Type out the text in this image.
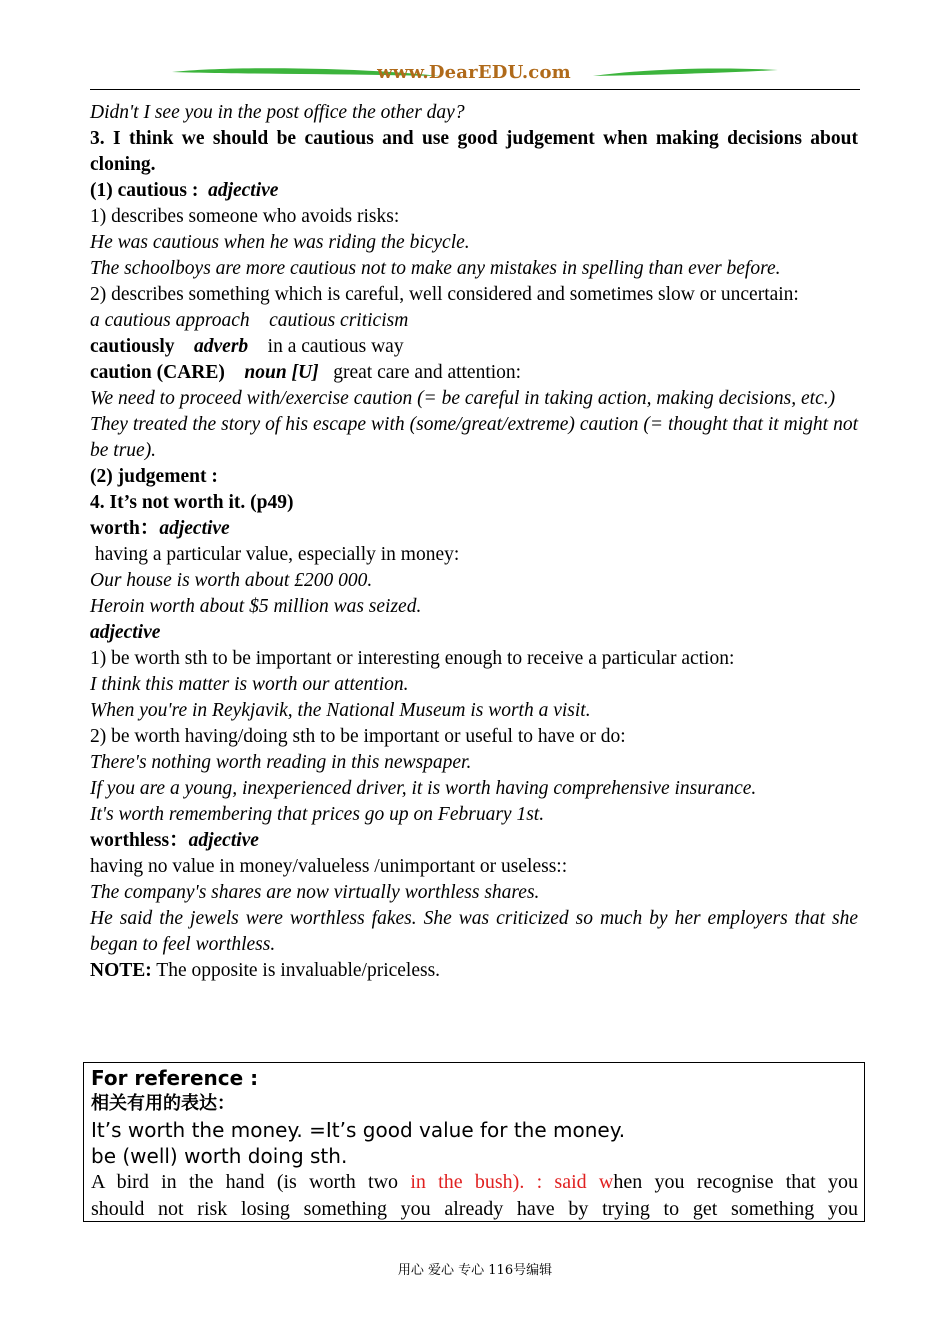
www.DearEDU.com

Didn't I see you in the post office the other day?

3. I think we should be cautious and use good judgement when making decisions about cloning.

(1) cautious : adjective

1) describes someone who avoids risks:

He was cautious when he was riding the bicycle.

The schoolboys are more cautious not to make any mistakes in spelling than ever before.

2) describes something which is careful, well considered and sometimes slow or uncertain:

a cautious approach    cautious criticism

cautiously adverb in a cautious way

caution (CARE) noun [U] great care and attention:

We need to proceed with/exercise caution (= be careful in taking action, making decisions, etc.)

They treated the story of his escape with (some/great/extreme) caution (= thought that it might not be true).

(2) judgement :

4. It’s not worth it. (p49)

worth：adjective

having a particular value, especially in money:

Our house is worth about £200 000.

Heroin worth about $5 million was seized.

adjective

1) be worth sth to be important or interesting enough to receive a particular action:

I think this matter is worth our attention.

When you're in Reykjavik, the National Museum is worth a visit.

2) be worth having/doing sth to be important or useful to have or do:

There's nothing worth reading in this newspaper.

If you are a young, inexperienced driver, it is worth having comprehensive insurance.

It's worth remembering that prices go up on February 1st.

worthless：adjective

having no value in money/valueless /unimportant or useless::

The company's shares are now virtually worthless shares.

He said the jewels were worthless fakes. She was criticized so much by her employers that she began to feel worthless.

NOTE: The opposite is invaluable/priceless.

For reference :
相关有用的表达：
It’s worth the money. =It’s good value for the money.
be (well) worth doing sth.
A bird in the hand (is worth two in the bush). : said when you recognise that you
should not risk losing something you already have by trying to get something you
用心 爱心 专心 116号编辑
